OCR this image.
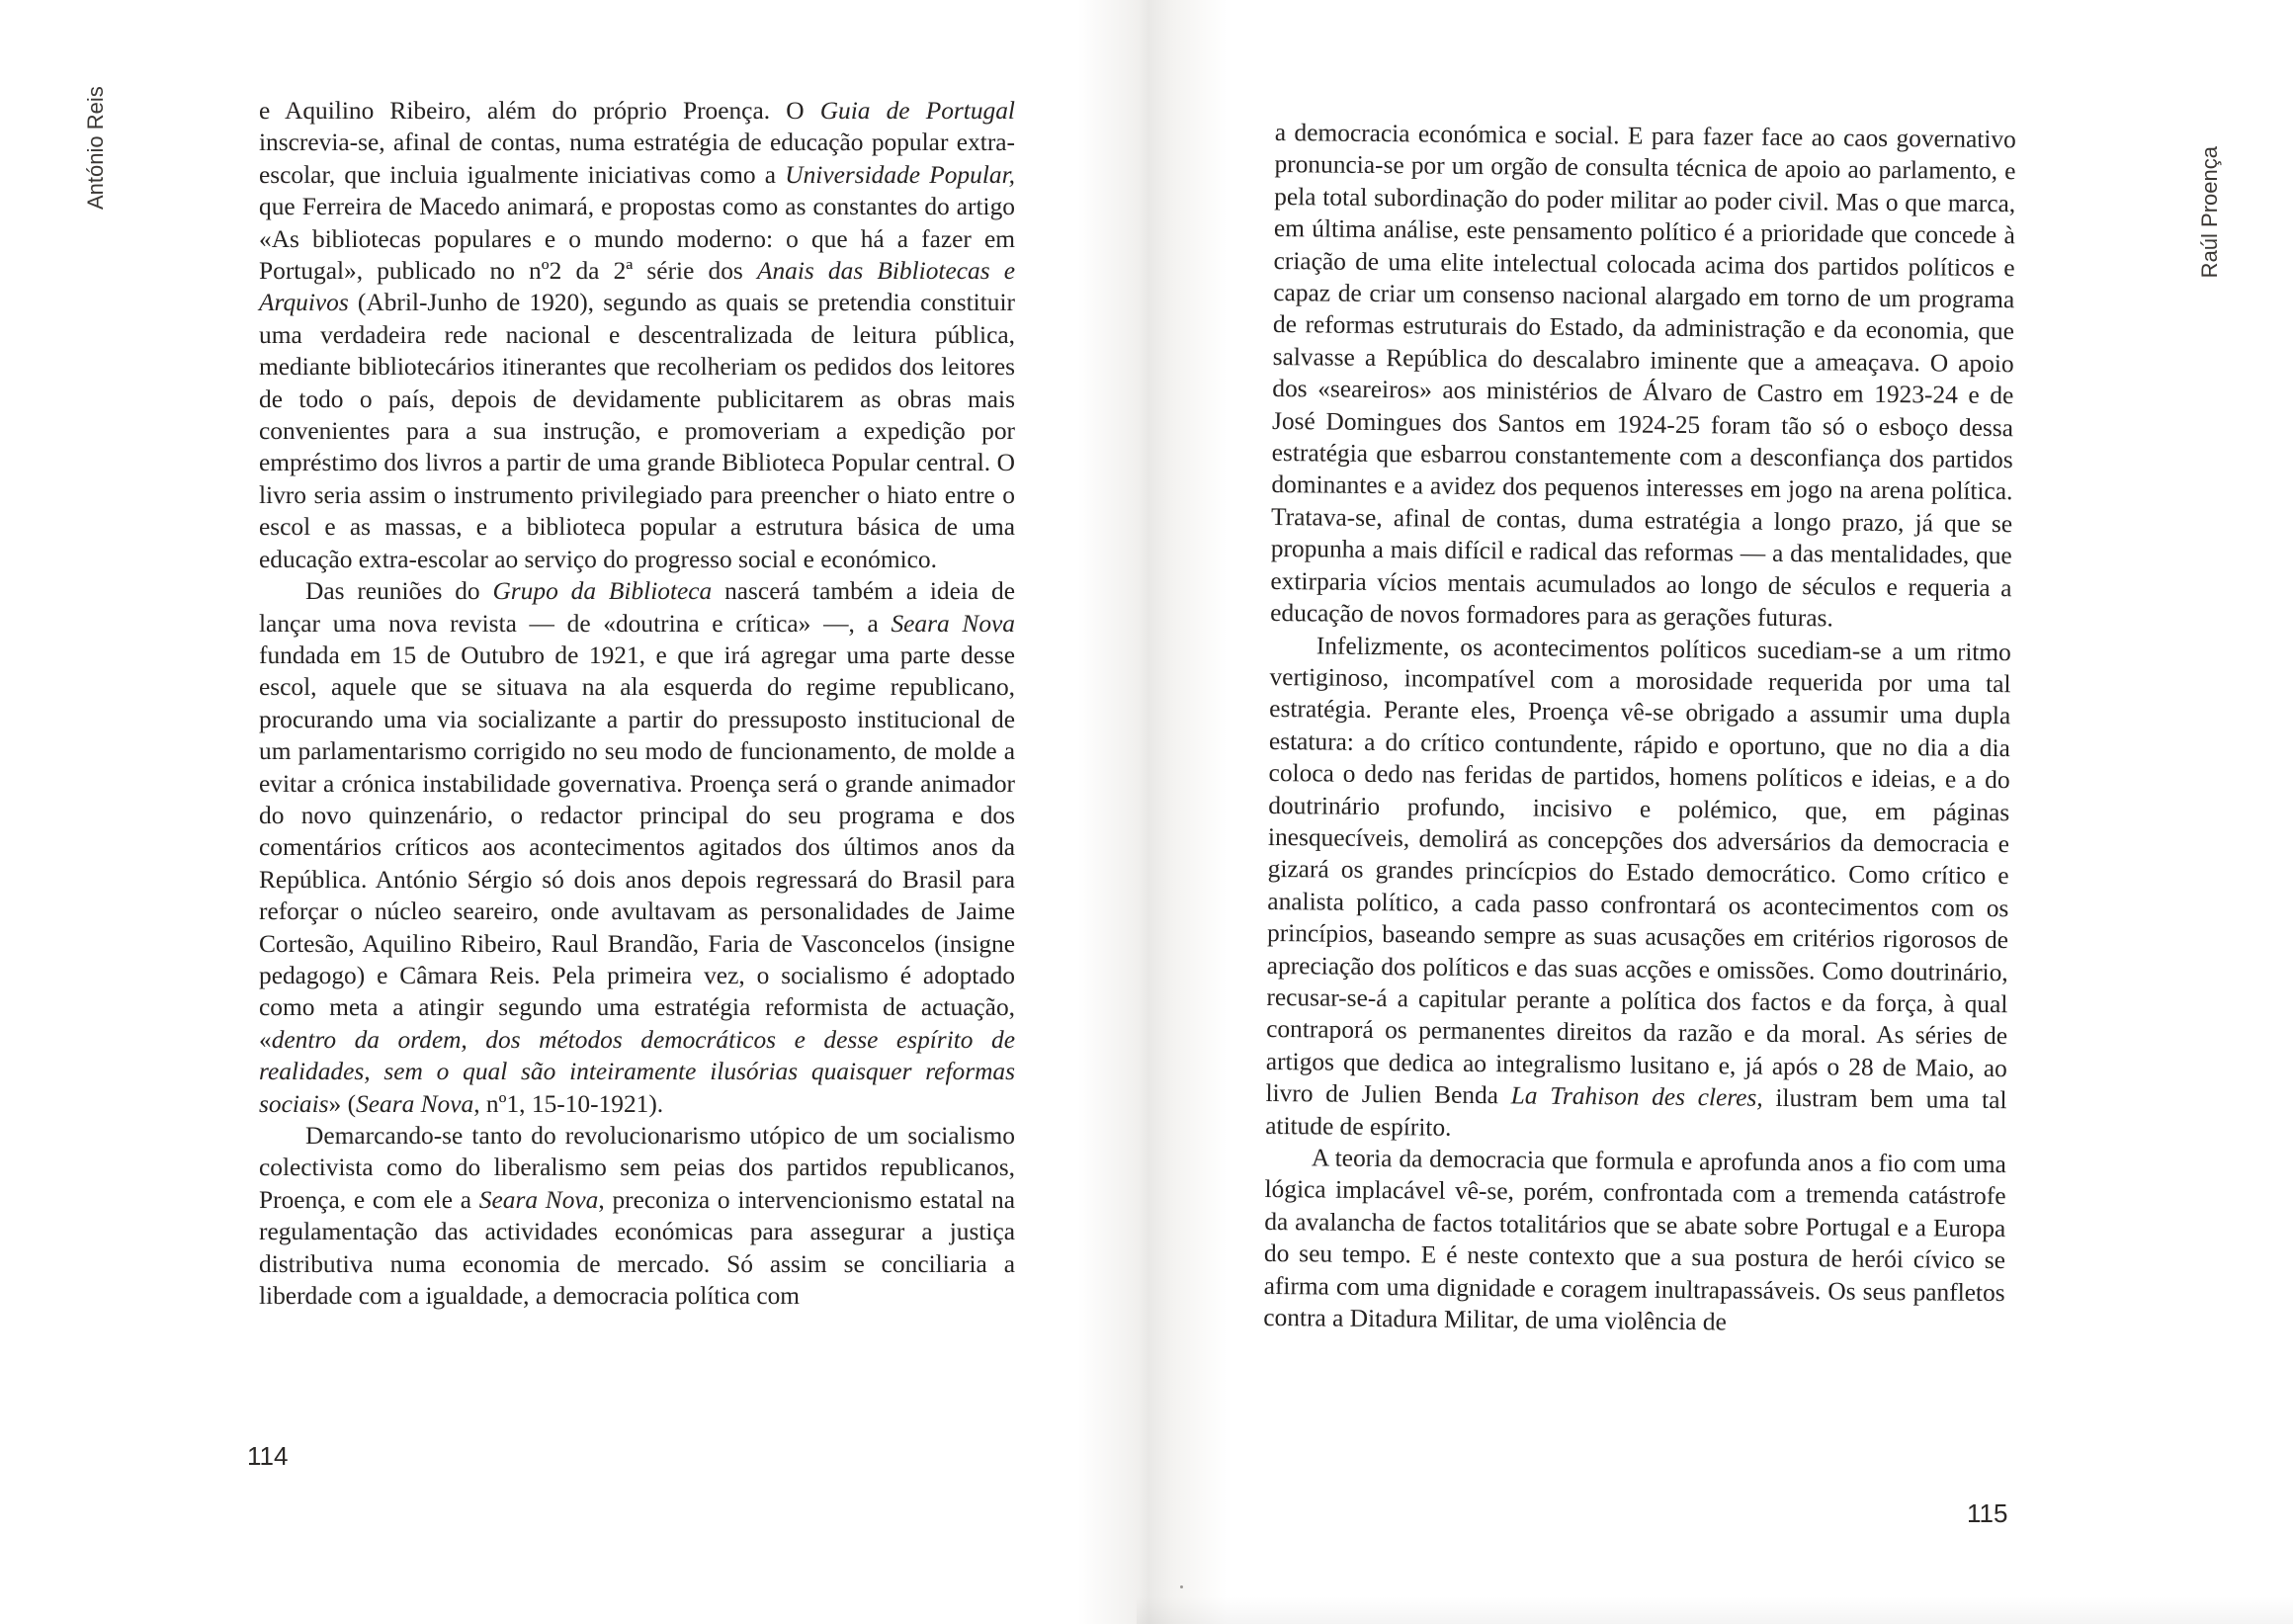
António Reis	e Aquilino Ribeiro, além do próprio Proença. O Guia de Portugal inscrevia-se, afinal de contas, numa estratégia de educação popular extra-escolar, que incluia igualmente iniciativas como a Universidade Popular, que Ferreira de Macedo animará, e propostas como as constantes do artigo «As bibliotecas populares e o mundo moderno: o que há a fazer em Portugal», publicado no nº2 da 2ª série dos Anais das Bibliotecas e Arquivos (Abril-Junho de 1920), segundo as quais se pretendia constituir uma verdadeira rede nacional e descentralizada de leitura pública, mediante bibliotecários itinerantes que recolheriam os pedidos dos leitores de todo o país, depois de devidamente publicitarem as obras mais convenientes para a sua instrução, e promoveriam a expedição por empréstimo dos livros a partir de uma grande Biblioteca Popular central. O livro seria assim o instrumento privilegiado para preencher o hiato entre o escol e as massas, e a biblioteca popular a estrutura básica de uma educação extra-escolar ao serviço do progresso social e económico.

Das reuniões do Grupo da Biblioteca nascerá também a ideia de lançar uma nova revista — de «doutrina e crítica» —, a Seara Nova fundada em 15 de Outubro de 1921, e que irá agregar uma parte desse escol, aquele que se situava na ala esquerda do regime republicano, procurando uma via socializante a partir do pressuposto institucional de um parlamentarismo corrigido no seu modo de funcionamento, de molde a evitar a crónica instabilidade governativa. Proença será o grande animador do novo quinzenário, o redactor principal do seu programa e dos comentários críticos aos acontecimentos agitados dos últimos anos da República. António Sérgio só dois anos depois regressará do Brasil para reforçar o núcleo seareiro, onde avultavam as personalidades de Jaime Cortesão, Aquilino Ribeiro, Raul Brandão, Faria de Vasconcelos (insigne pedagogo) e Câmara Reis. Pela primeira vez, o socialismo é adoptado como meta a atingir segundo uma estratégia reformista de actuação, «dentro da ordem, dos métodos democráticos e desse espírito de realidades, sem o qual são inteiramente ilusórias quaisquer reformas sociais» (Seara Nova, nº1, 15-10-1921).

Demarcando-se tanto do revolucionarismo utópico de um socialismo colectivista como do liberalismo sem peias dos partidos republicanos, Proença, e com ele a Seara Nova, preconiza o intervencionismo estatal na regulamentação das actividades económicas para assegurar a justiça distributiva numa economia de mercado. Só assim se conciliaria a liberdade com a igualdade, a democracia política com

114
Raúl Proença

a democracia económica e social. E para fazer face ao caos governativo pronuncia-se por um orgão de consulta técnica de apoio ao parlamento, e pela total subordinação do poder militar ao poder civil. Mas o que marca, em última análise, este pensamento político é a prioridade que concede à criação de uma elite intelectual colocada acima dos partidos políticos e capaz de criar um consenso nacional alargado em torno de um programa de reformas estruturais do Estado, da administração e da economia, que salvasse a República do descalabro iminente que a ameaçava. O apoio dos «seareiros» aos ministérios de Álvaro de Castro em 1923-24 e de José Domingues dos Santos em 1924-25 foram tão só o esboço dessa estratégia que esbarrou constantemente com a desconfiança dos partidos dominantes e a avidez dos pequenos interesses em jogo na arena política. Tratava-se, afinal de contas, duma estratégia a longo prazo, já que se propunha a mais difícil e radical das reformas — a das mentalidades, que extirparia vícios mentais acumulados ao longo de séculos e requeria a educação de novos formadores para as gerações futuras.

Infelizmente, os acontecimentos políticos sucediam-se a um ritmo vertiginoso, incompatível com a morosidade requerida por uma tal estratégia. Perante eles, Proença vê-se obrigado a assumir uma dupla estatura: a do crítico contundente, rápido e oportuno, que no dia a dia coloca o dedo nas feridas de partidos, homens políticos e ideias, e a do doutrinário profundo, incisivo e polémico, que, em páginas inesquecíveis, demolirá as concepções dos adversários da democracia e gizará os grandes princícpios do Estado democrático. Como crítico e analista político, a cada passo confrontará os acontecimentos com os princípios, baseando sempre as suas acusações em critérios rigorosos de apreciação dos políticos e das suas acções e omissões. Como doutrinário, recusar-se-á a capitular perante a política dos factos e da força, à qual contraporá os permanentes direitos da razão e da moral. As séries de artigos que dedica ao integralismo lusitano e, já após o 28 de Maio, ao livro de Julien Benda La Trahison des cleres, ilustram bem uma tal atitude de espírito.

A teoria da democracia que formula e aprofunda anos a fio com uma lógica implacável vê-se, porém, confrontada com a tremenda catástrofe da avalancha de factos totalitários que se abate sobre Portugal e a Europa do seu tempo. E é neste contexto que a sua postura de herói cívico se afirma com uma dignidade e coragem inultrapassáveis. Os seus panfletos contra a Ditadura Militar, de uma violência de

115
